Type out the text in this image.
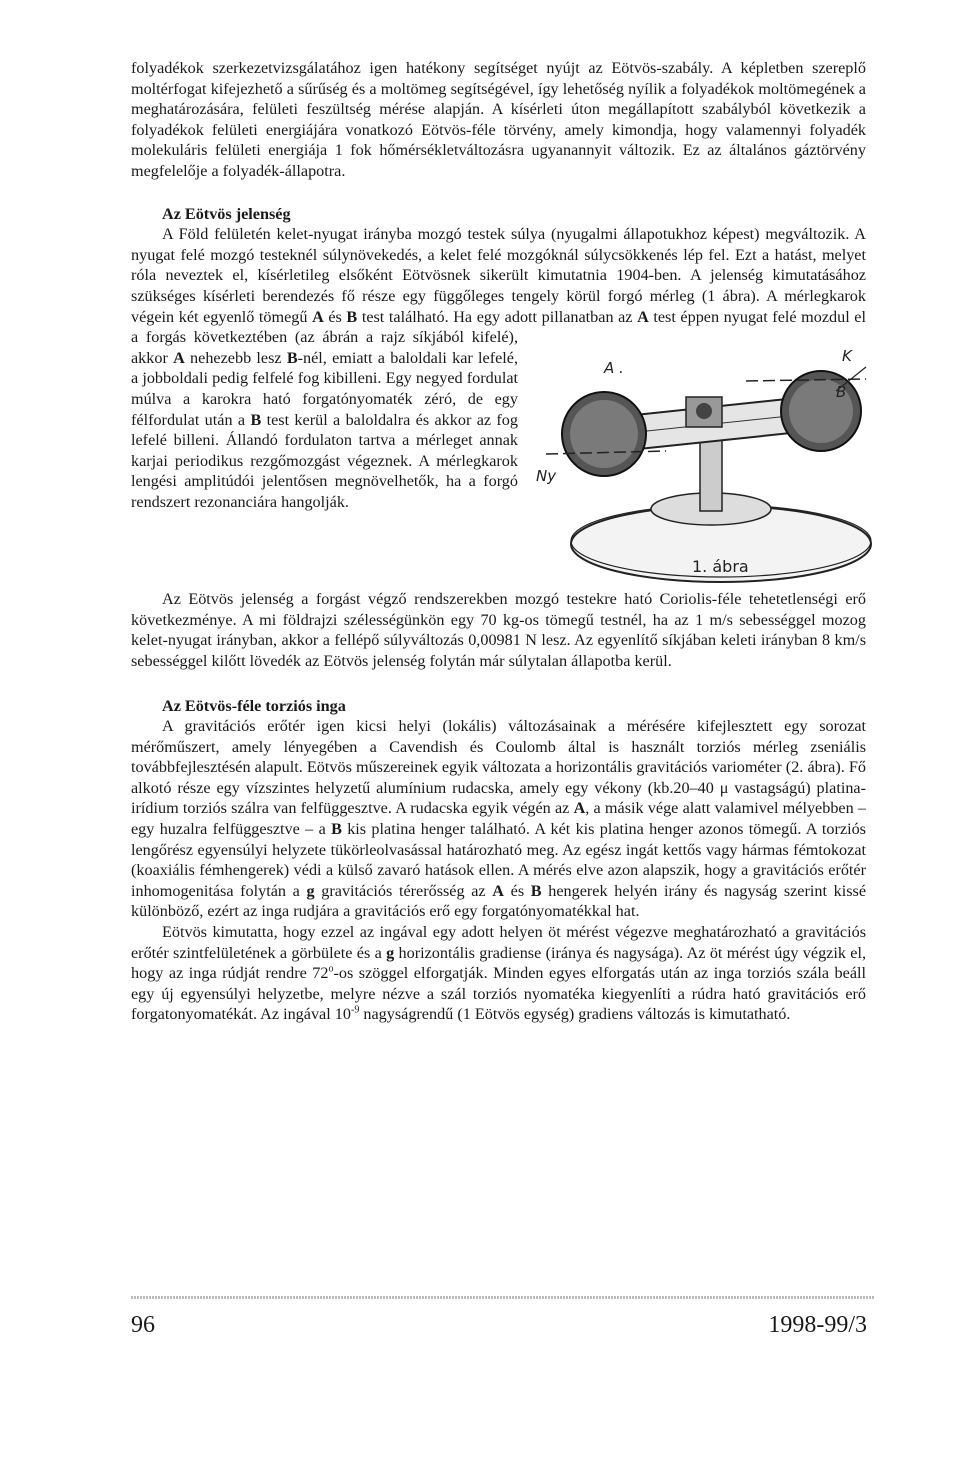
folyadékok szerkezetvizsgálatához igen hatékony segítséget nyújt az Eötvös-szabály. A képletben szereplő moltérfogat kifejezhető a sűrűség és a moltömeg segítségével, így lehetőség nyílik a folyadékok moltömegének a meghatározására, felületi feszültség mérése alapján. A kísérleti úton megállapított szabályból következik a folyadékok felületi energiájára vonatkozó Eötvös-féle törvény, amely kimondja, hogy valamennyi folyadék molekuláris felületi energiája 1 fok hőmérsékletváltozásra ugyanannyit változik. Ez az általános gáztörvény megfelelője a folyadék-állapotra.

Az Eötvös jelenség

A Föld felületén kelet-nyugat irányba mozgó testek súlya (nyugalmi állapotukhoz képest) megváltozik. A nyugat felé mozgó testeknél súlynövekedés, a kelet felé mozgóknál súlycsökkenés lép fel. Ezt a hatást, melyet róla neveztek el, kísérletileg elsőként Eötvösnek sikerült kimutatnia 1904-ben. A jelenség kimutatásához szükséges kísérleti berendezés fő része egy függőleges tengely körül forgó mérleg (1 ábra). A mérlegkarok végein két egyenlő tömegű A és B test található. Ha egy adott pillanatban az
A .
K
B
Ny
1. ábra
A test éppen nyugat felé mozdul el a forgás következtében (az ábrán a rajz síkjából kifelé), akkor A nehezebb lesz B-nél, emiatt a baloldali kar lefelé, a jobboldali pedig felfelé fog kibilleni. Egy negyed fordulat múlva a karokra ható forgatónyomaték zéró, de egy félfordulat után a B test kerül a baloldalra és akkor az fog lefelé billeni. Állandó fordulaton tartva a mérleget annak karjai periodikus rezgőmozgást végeznek. A mérlegkarok lengési amplitúdói jelentősen megnövelhetők, ha a forgó rendszert rezonanciára hangolják.

Az Eötvös jelenség a forgást végző rendszerekben mozgó testekre ható Coriolis-féle tehetetlenségi erő következménye. A mi földrajzi szélességünkön egy 70 kg-os tömegű testnél, ha az 1 m/s sebességgel mozog kelet-nyugat irányban, akkor a fellépő súlyváltozás 0,00981 N lesz. Az egyenlítő síkjában keleti irányban 8 km/s sebességgel kilőtt lövedék az Eötvös jelenség folytán már súlytalan állapotba kerül.

Az Eötvös-féle torziós inga

A gravitációs erőtér igen kicsi helyi (lokális) változásainak a mérésére kifejlesztett egy sorozat mérőműszert, amely lényegében a Cavendish és Coulomb által is használt torziós mérleg zseniális továbbfejlesztésén alapult. Eötvös műszereinek egyik változata a horizontális gravitációs variométer (2. ábra). Fő alkotó része egy vízszintes helyzetű alumínium rudacska, amely egy vékony (kb.20–40 μ vastagságú) platina-irídium torziós szálra van felfüggesztve. A rudacska egyik végén az A, a másik vége alatt valamivel mélyebben – egy huzalra felfüggesztve – a B kis platina henger található. A két kis platina henger azonos tömegű. A torziós lengőrész egyensúlyi helyzete tükörleolvasással határozható meg. Az egész ingát kettős vagy hármas fémtokozat (koaxiális fémhengerek) védi a külső zavaró hatások ellen. A mérés elve azon alapszik, hogy a gravitációs erőtér inhomogenitása folytán a g gravitációs térerősség az A és B hengerek helyén irány és nagyság szerint kissé különböző, ezért az inga rudjára a gravitációs erő egy forgatónyomatékkal hat.

Eötvös kimutatta, hogy ezzel az ingával egy adott helyen öt mérést végezve meghatározható a gravitációs erőtér szintfelületének a görbülete és a g horizontális gradiense (iránya és nagysága). Az öt mérést úgy végzik el, hogy az inga rúdját rendre 72$^o$-os szöggel elforgatják. Minden egyes elforgatás után az inga torziós szála beáll egy új egyensúlyi helyzetbe, melyre nézve a szál torziós nyomatéka kiegyenlíti a rúdra ható gravitációs erő forgatonyomatékát. Az ingával $10^{-9}$ nagyságrendű (1 Eötvös egység) gradiens változás is kimutatható.

96	1998-99/3
